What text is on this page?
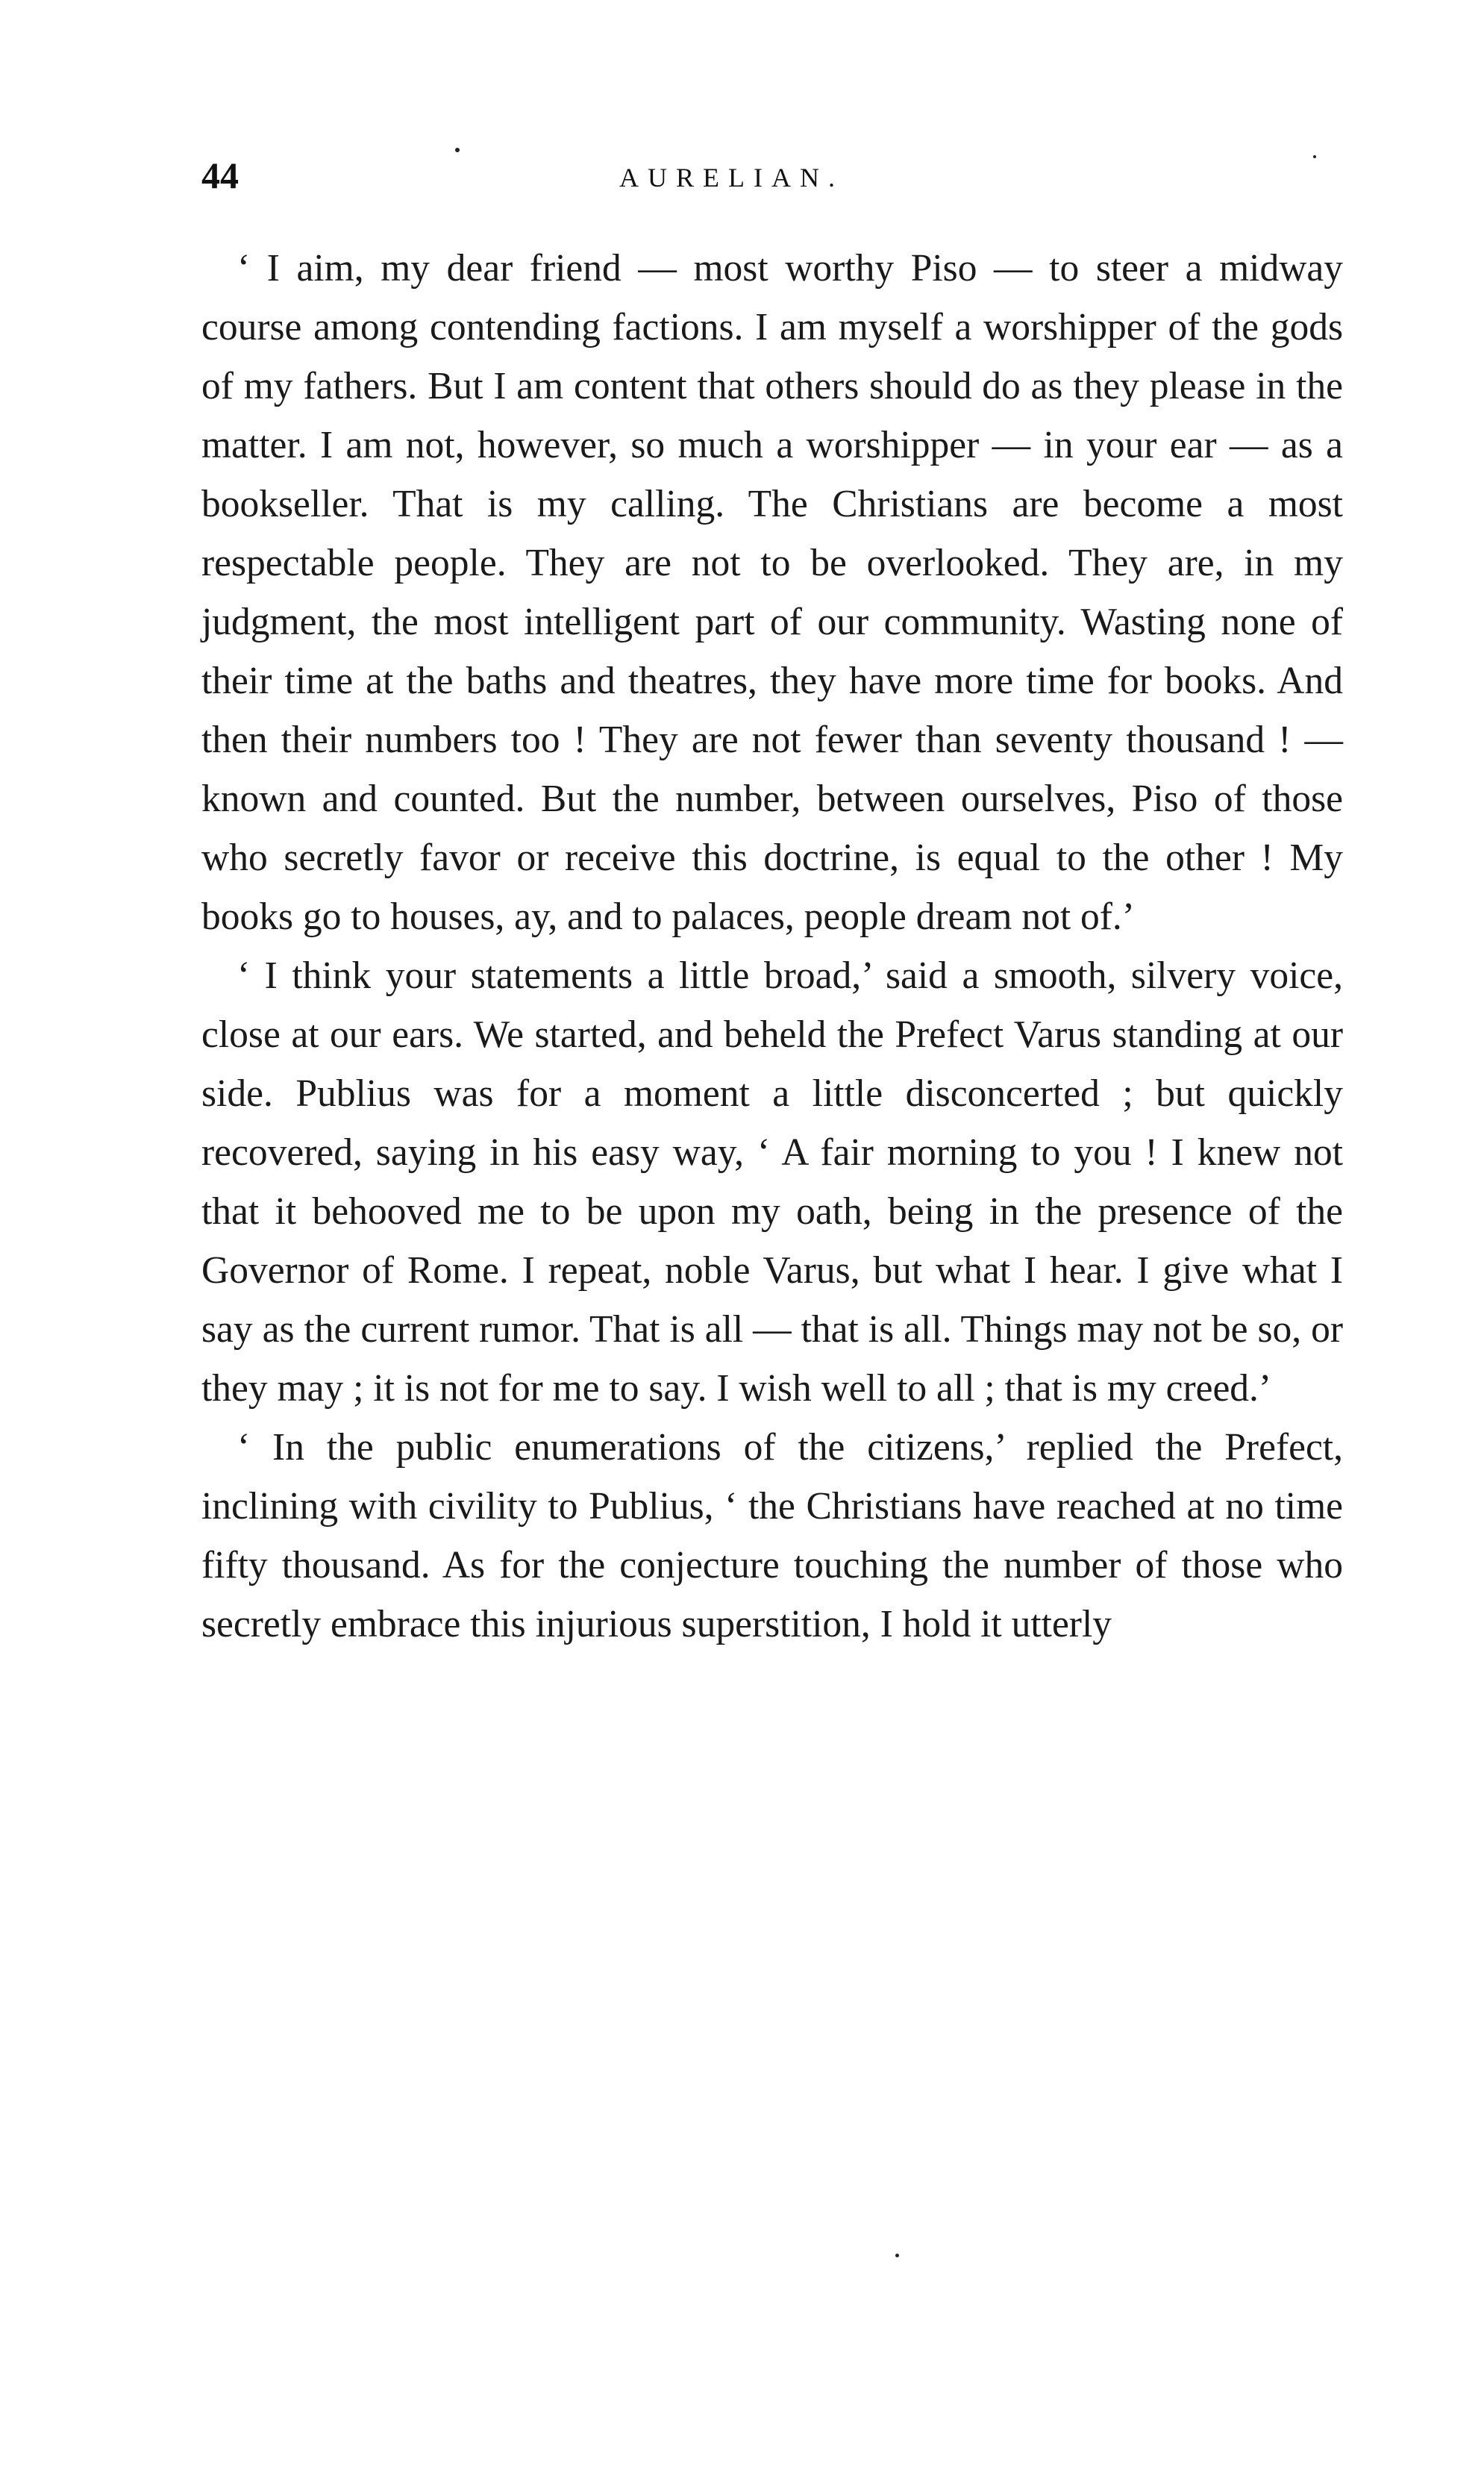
44	AURELIAN.

‘ I aim, my dear friend — most worthy Piso — to steer a midway course among contending factions. I am myself a worshipper of the gods of my fathers. But I am content that others should do as they please in the matter. I am not, however, so much a worshipper — in your ear — as a bookseller. That is my calling. The Christians are become a most respectable people. They are not to be overlooked. They are, in my judgment, the most intelligent part of our community. Wasting none of their time at the baths and theatres, they have more time for books. And then their numbers too ! They are not fewer than seventy thousand ! — known and counted. But the number, between ourselves, Piso of those who secretly favor or receive this doctrine, is equal to the other ! My books go to houses, ay, and to palaces, people dream not of.’

‘ I think your statements a little broad,’ said a smooth, silvery voice, close at our ears. We started, and beheld the Prefect Varus standing at our side. Publius was for a moment a little disconcerted ; but quickly recovered, saying in his easy way, ‘ A fair morning to you ! I knew not that it behooved me to be upon my oath, being in the presence of the Governor of Rome. I repeat, noble Varus, but what I hear. I give what I say as the current rumor. That is all — that is all. Things may not be so, or they may ; it is not for me to say. I wish well to all ; that is my creed.’

‘ In the public enumerations of the citizens,’ replied the Prefect, inclining with civility to Publius, ‘ the Christians have reached at no time fifty thousand. As for the conjecture touching the number of those who secretly embrace this injurious superstition, I hold it utterly
